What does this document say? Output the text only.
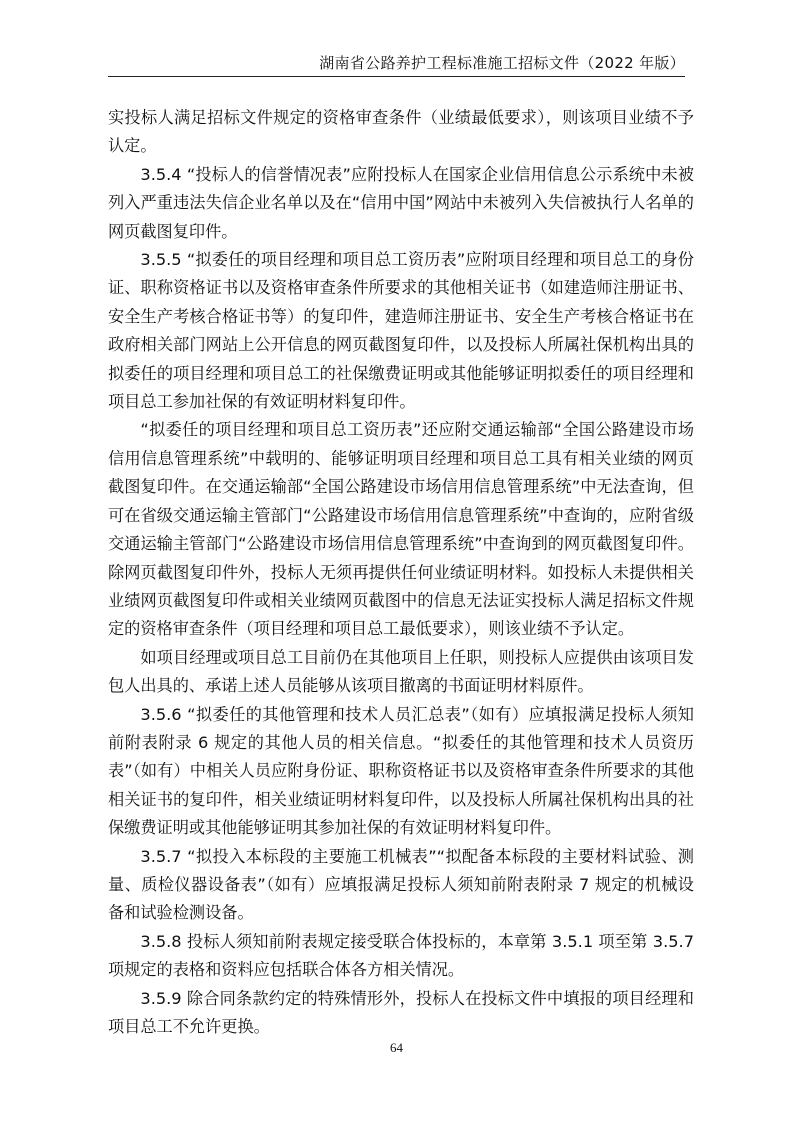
湖南省公路养护工程标准施工招标文件（2022 年版）

实投标人满足招标文件规定的资格审查条件（业绩最低要求），则该项目业绩不予认定。

3.5.4 “投标人的信誉情况表”应附投标人在国家企业信用信息公示系统中未被列入严重违法失信企业名单以及在“信用中国”网站中未被列入失信被执行人名单的网页截图复印件。

3.5.5 “拟委任的项目经理和项目总工资历表”应附项目经理和项目总工的身份证、职称资格证书以及资格审查条件所要求的其他相关证书（如建造师注册证书、安全生产考核合格证书等）的复印件，建造师注册证书、安全生产考核合格证书在政府相关部门网站上公开信息的网页截图复印件，以及投标人所属社保机构出具的拟委任的项目经理和项目总工的社保缴费证明或其他能够证明拟委任的项目经理和项目总工参加社保的有效证明材料复印件。

“拟委任的项目经理和项目总工资历表”还应附交通运输部“全国公路建设市场信用信息管理系统”中载明的、能够证明项目经理和项目总工具有相关业绩的网页截图复印件。在交通运输部“全国公路建设市场信用信息管理系统”中无法查询，但可在省级交通运输主管部门“公路建设市场信用信息管理系统”中查询的，应附省级交通运输主管部门“公路建设市场信用信息管理系统”中查询到的网页截图复印件。除网页截图复印件外，投标人无须再提供任何业绩证明材料。如投标人未提供相关业绩网页截图复印件或相关业绩网页截图中的信息无法证实投标人满足招标文件规定的资格审查条件（项目经理和项目总工最低要求），则该业绩不予认定。

如项目经理或项目总工目前仍在其他项目上任职，则投标人应提供由该项目发包人出具的、承诺上述人员能够从该项目撤离的书面证明材料原件。

3.5.6 “拟委任的其他管理和技术人员汇总表”（如有）应填报满足投标人须知前附表附录 6 规定的其他人员的相关信息。“拟委任的其他管理和技术人员资历表”（如有）中相关人员应附身份证、职称资格证书以及资格审查条件所要求的其他相关证书的复印件，相关业绩证明材料复印件，以及投标人所属社保机构出具的社保缴费证明或其他能够证明其参加社保的有效证明材料复印件。

3.5.7 “拟投入本标段的主要施工机械表”“拟配备本标段的主要材料试验、测量、质检仪器设备表”（如有）应填报满足投标人须知前附表附录 7 规定的机械设备和试验检测设备。

3.5.8 投标人须知前附表规定接受联合体投标的，本章第 3.5.1 项至第 3.5.7 项规定的表格和资料应包括联合体各方相关情况。

3.5.9 除合同条款约定的特殊情形外，投标人在投标文件中填报的项目经理和项目总工不允许更换。

64
